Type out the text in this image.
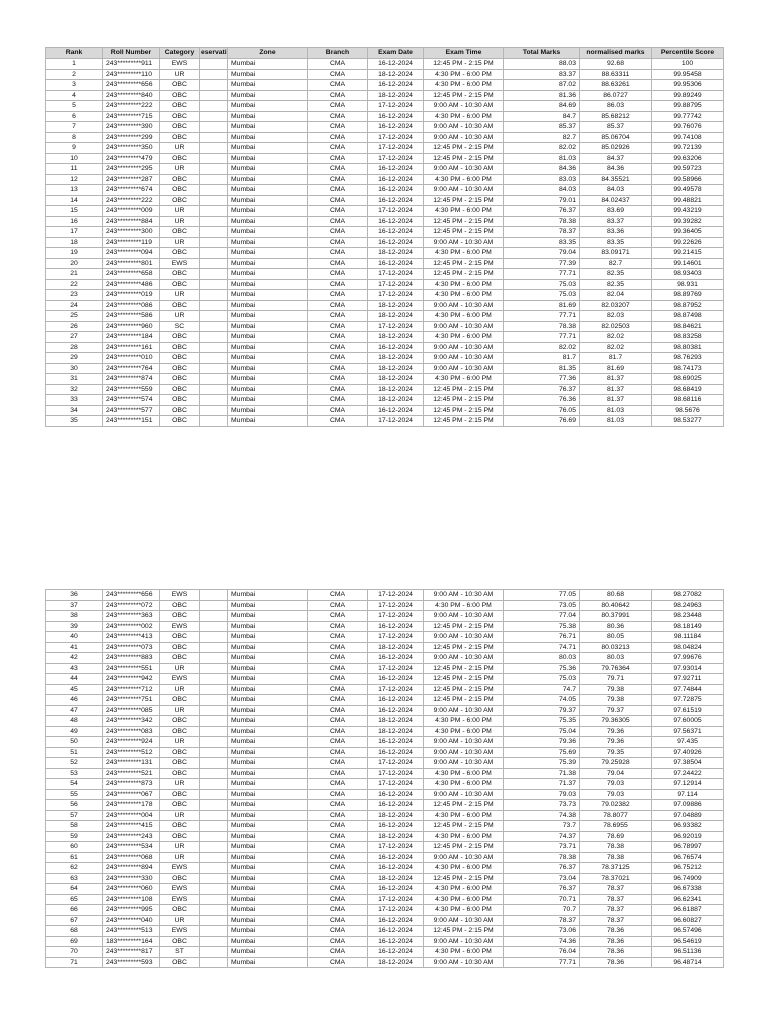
Rank	Roll Number	Category	eservati	Zone	Branch	Exam Date	Exam Time	Total Marks	normalised marks	Percentile Score
1	243*********911	EWS		Mumbai	CMA	16-12-2024	12:45 PM - 2:15 PM	88.03	92.68	100
2	243*********110	UR		Mumbai	CMA	18-12-2024	4:30 PM - 6:00 PM	83.37	88.63311	99.95458
3	243*********656	OBC		Mumbai	CMA	16-12-2024	4:30 PM - 6:00 PM	87.02	88.63261	99.95306
4	243*********840	OBC		Mumbai	CMA	18-12-2024	12:45 PM - 2:15 PM	81.36	86.0727	99.89249
5	243*********222	OBC		Mumbai	CMA	17-12-2024	9:00 AM - 10:30 AM	84.69	86.03	99.88795
6	243*********715	OBC		Mumbai	CMA	16-12-2024	4:30 PM - 6:00 PM	84.7	85.68212	99.77742
7	243*********390	OBC		Mumbai	CMA	16-12-2024	9:00 AM - 10:30 AM	85.37	85.37	99.76076
8	243*********299	OBC		Mumbai	CMA	17-12-2024	9:00 AM - 10:30 AM	82.7	85.06704	99.74108
9	243*********350	UR		Mumbai	CMA	17-12-2024	12:45 PM - 2:15 PM	82.02	85.02926	99.72139
10	243*********479	OBC		Mumbai	CMA	17-12-2024	12:45 PM - 2:15 PM	81.03	84.37	99.63206
11	243*********295	UR		Mumbai	CMA	16-12-2024	9:00 AM - 10:30 AM	84.36	84.36	99.59723
12	243*********287	OBC		Mumbai	CMA	16-12-2024	4:30 PM - 6:00 PM	83.03	84.35521	99.58966
13	243*********674	OBC		Mumbai	CMA	16-12-2024	9:00 AM - 10:30 AM	84.03	84.03	99.49578
14	243*********222	OBC		Mumbai	CMA	16-12-2024	12:45 PM - 2:15 PM	79.01	84.02437	99.48821
15	243*********009	UR		Mumbai	CMA	17-12-2024	4:30 PM - 6:00 PM	76.37	83.69	99.43219
16	243*********884	UR		Mumbai	CMA	16-12-2024	12:45 PM - 2:15 PM	78.38	83.37	99.39282
17	243*********300	OBC		Mumbai	CMA	16-12-2024	12:45 PM - 2:15 PM	78.37	83.36	99.36405
18	243*********119	UR		Mumbai	CMA	16-12-2024	9:00 AM - 10:30 AM	83.35	83.35	99.22626
19	243*********094	OBC		Mumbai	CMA	18-12-2024	4:30 PM - 6:00 PM	79.04	83.09171	99.21415
20	243*********801	EWS		Mumbai	CMA	16-12-2024	12:45 PM - 2:15 PM	77.39	82.7	99.14601
21	243*********658	OBC		Mumbai	CMA	17-12-2024	12:45 PM - 2:15 PM	77.71	82.35	98.93403
22	243*********486	OBC		Mumbai	CMA	17-12-2024	4:30 PM - 6:00 PM	75.03	82.35	98.931
23	243*********019	UR		Mumbai	CMA	17-12-2024	4:30 PM - 6:00 PM	75.03	82.04	98.89769
24	243*********086	OBC		Mumbai	CMA	18-12-2024	9:00 AM - 10:30 AM	81.69	82.03207	98.87952
25	243*********586	UR		Mumbai	CMA	18-12-2024	4:30 PM - 6:00 PM	77.71	82.03	98.87498
26	243*********960	SC		Mumbai	CMA	17-12-2024	9:00 AM - 10:30 AM	78.38	82.02503	98.84621
27	243*********184	OBC		Mumbai	CMA	18-12-2024	4:30 PM - 6:00 PM	77.71	82.02	98.83258
28	243*********161	OBC		Mumbai	CMA	16-12-2024	9:00 AM - 10:30 AM	82.02	82.02	98.80381
29	243*********010	OBC		Mumbai	CMA	18-12-2024	9:00 AM - 10:30 AM	81.7	81.7	98.76293
30	243*********764	OBC		Mumbai	CMA	18-12-2024	9:00 AM - 10:30 AM	81.35	81.69	98.74173
31	243*********874	OBC		Mumbai	CMA	18-12-2024	4:30 PM - 6:00 PM	77.36	81.37	98.69025
32	243*********559	OBC		Mumbai	CMA	18-12-2024	12:45 PM - 2:15 PM	76.37	81.37	98.68419
33	243*********574	OBC		Mumbai	CMA	18-12-2024	12:45 PM - 2:15 PM	76.36	81.37	98.68116
34	243*********577	OBC		Mumbai	CMA	16-12-2024	12:45 PM - 2:15 PM	76.05	81.03	98.5676
35	243*********151	OBC		Mumbai	CMA	17-12-2024	12:45 PM - 2:15 PM	76.69	81.03	98.53277
36	243*********656	EWS		Mumbai	CMA	17-12-2024	9:00 AM - 10:30 AM	77.05	80.68	98.27082
37	243*********072	OBC		Mumbai	CMA	17-12-2024	4:30 PM - 6:00 PM	73.05	80.40642	98.24963
38	243*********363	OBC		Mumbai	CMA	17-12-2024	9:00 AM - 10:30 AM	77.04	80.37991	98.23448
39	243*********002	EWS		Mumbai	CMA	16-12-2024	12:45 PM - 2:15 PM	75.38	80.36	98.18149
40	243*********413	OBC		Mumbai	CMA	17-12-2024	9:00 AM - 10:30 AM	76.71	80.05	98.11184
41	243*********073	OBC		Mumbai	CMA	18-12-2024	12:45 PM - 2:15 PM	74.71	80.03213	98.04824
42	243*********883	OBC		Mumbai	CMA	16-12-2024	9:00 AM - 10:30 AM	80.03	80.03	97.99676
43	243*********551	UR		Mumbai	CMA	17-12-2024	12:45 PM - 2:15 PM	75.36	79.76364	97.93014
44	243*********942	EWS		Mumbai	CMA	16-12-2024	12:45 PM - 2:15 PM	75.03	79.71	97.92711
45	243*********712	UR		Mumbai	CMA	17-12-2024	12:45 PM - 2:15 PM	74.7	79.38	97.74844
46	243*********751	OBC		Mumbai	CMA	16-12-2024	12:45 PM - 2:15 PM	74.05	79.38	97.72875
47	243*********085	UR		Mumbai	CMA	16-12-2024	9:00 AM - 10:30 AM	79.37	79.37	97.61519
48	243*********342	OBC		Mumbai	CMA	18-12-2024	4:30 PM - 6:00 PM	75.35	79.36305	97.60005
49	243*********083	OBC		Mumbai	CMA	18-12-2024	4:30 PM - 6:00 PM	75.04	79.36	97.56371
50	243*********924	UR		Mumbai	CMA	16-12-2024	9:00 AM - 10:30 AM	79.36	79.36	97.435
51	243*********512	OBC		Mumbai	CMA	16-12-2024	9:00 AM - 10:30 AM	75.69	79.35	97.40926
52	243*********131	OBC		Mumbai	CMA	17-12-2024	9:00 AM - 10:30 AM	75.39	79.25928	97.38504
53	243*********521	OBC		Mumbai	CMA	17-12-2024	4:30 PM - 6:00 PM	71.38	79.04	97.24422
54	243*********873	UR		Mumbai	CMA	17-12-2024	4:30 PM - 6:00 PM	71.37	79.03	97.12914
55	243*********067	OBC		Mumbai	CMA	16-12-2024	9:00 AM - 10:30 AM	79.03	79.03	97.114
56	243*********178	OBC		Mumbai	CMA	16-12-2024	12:45 PM - 2:15 PM	73.73	79.02382	97.09886
57	243*********004	UR		Mumbai	CMA	18-12-2024	4:30 PM - 6:00 PM	74.38	78.8077	97.04889
58	243*********415	OBC		Mumbai	CMA	16-12-2024	12:45 PM - 2:15 PM	73.7	78.6955	96.93382
59	243*********243	OBC		Mumbai	CMA	18-12-2024	4:30 PM - 6:00 PM	74.37	78.69	96.92019
60	243*********534	UR		Mumbai	CMA	17-12-2024	12:45 PM - 2:15 PM	73.71	78.38	96.78997
61	243*********068	UR		Mumbai	CMA	16-12-2024	9:00 AM - 10:30 AM	78.38	78.38	96.76574
62	243*********894	EWS		Mumbai	CMA	16-12-2024	4:30 PM - 6:00 PM	76.37	78.37125	96.75212
63	243*********330	OBC		Mumbai	CMA	18-12-2024	12:45 PM - 2:15 PM	73.04	78.37021	96.74909
64	243*********060	EWS		Mumbai	CMA	16-12-2024	4:30 PM - 6:00 PM	76.37	78.37	96.67338
65	243*********108	EWS		Mumbai	CMA	17-12-2024	4:30 PM - 6:00 PM	70.71	78.37	96.62341
66	243*********995	OBC		Mumbai	CMA	17-12-2024	4:30 PM - 6:00 PM	70.7	78.37	96.61887
67	243*********040	UR		Mumbai	CMA	16-12-2024	9:00 AM - 10:30 AM	78.37	78.37	96.60827
68	243*********513	EWS		Mumbai	CMA	16-12-2024	12:45 PM - 2:15 PM	73.06	78.36	96.57496
69	183*********164	OBC		Mumbai	CMA	16-12-2024	9:00 AM - 10:30 AM	74.36	78.36	96.54619
70	243*********817	ST		Mumbai	CMA	16-12-2024	4:30 PM - 6:00 PM	76.04	78.36	96.51136
71	243*********593	OBC		Mumbai	CMA	18-12-2024	9:00 AM - 10:30 AM	77.71	78.36	96.48714
